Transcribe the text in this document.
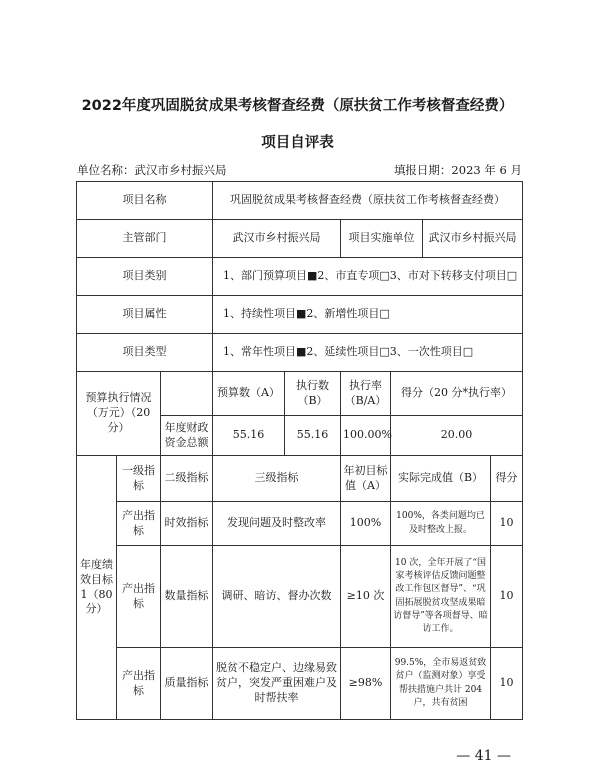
2022年度巩固脱贫成果考核督查经费（原扶贫工作考核督查经费）
项目自评表
单位名称：武汉市乡村振兴局	填报日期：2023 年 6 月
项目名称			巩固脱贫成果考核督查经费（原扶贫工作考核督查经费）					
主管部门			武汉市乡村振兴局		项目实施单位		武汉市乡村振兴局	
项目类别			1、部门预算项目■2、市直专项□3、市对下转移支付项目□					
项目属性			1、持续性项目■2、新增性项目□					
项目类型			1、常年性项目■2、延续性项目□3、一次性项目□					
预算执行情况（万元）（20 分）			预算数（A）	执行数（B）	执行率（B/A）	得分（20 分*执行率）		
		年度财政资金总额	55.16	55.16	100.00%	20.00		
年度绩效目标 1（80 分）	一级指标	二级指标	三级指标		年初目标值（A）	实际完成值（B）		得分
	产出指标	时效指标	发现问题及时整改率		100%	100%，各类问题均已及时整改上报。		10
	产出指标	数量指标	调研、暗访、督办次数		≥10 次	10 次，全年开展了“国家考核评估反馈问题整改工作包区督导”、“巩固拓展脱贫攻坚成果暗访督导”等各项督导、暗访工作。		10
	产出指标	质量指标	脱贫不稳定户、边缘易致贫户，突发严重困难户及时帮扶率		≥98%	99.5%，全市易返贫致贫户（监测对象）享受帮扶措施户共计 204 户，共有贫困		10
— 41 —
